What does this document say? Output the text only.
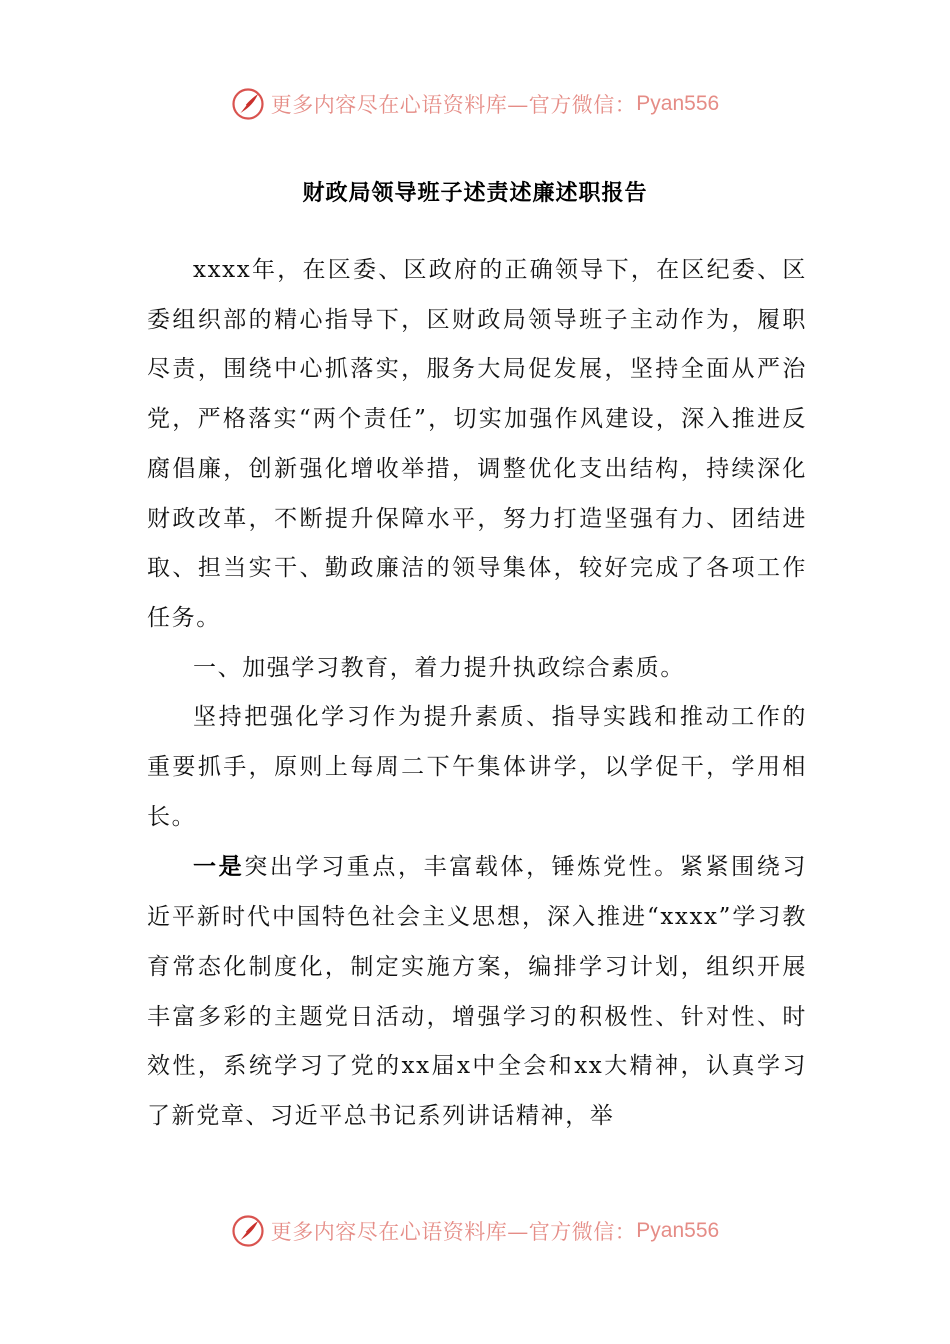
更多内容尽在心语资料库—官方微信： Pyan556
财政局领导班子述责述廉述职报告

xxxx年，在区委、区政府的正确领导下，在区纪委、区委组织部的精心指导下，区财政局领导班子主动作为，履职尽责，围绕中心抓落实，服务大局促发展，坚持全面从严治党，严格落实“两个责任”，切实加强作风建设，深入推进反腐倡廉，创新强化增收举措，调整优化支出结构，持续深化财政改革，不断提升保障水平，努力打造坚强有力、团结进取、担当实干、勤政廉洁的领导集体，较好完成了各项工作任务。

一、加强学习教育，着力提升执政综合素质。

坚持把强化学习作为提升素质、指导实践和推动工作的重要抓手，原则上每周二下午集体讲学，以学促干，学用相长。

一是突出学习重点，丰富载体，锤炼党性。紧紧围绕习近平新时代中国特色社会主义思想，深入推进“xxxx”学习教育常态化制度化，制定实施方案，编排学习计划，组织开展丰富多彩的主题党日活动，增强学习的积极性、针对性、时效性，系统学习了党的xx届x中全会和xx大精神，认真学习了新党章、习近平总书记系列讲话精神，举

更多内容尽在心语资料库—官方微信： Pyan556
